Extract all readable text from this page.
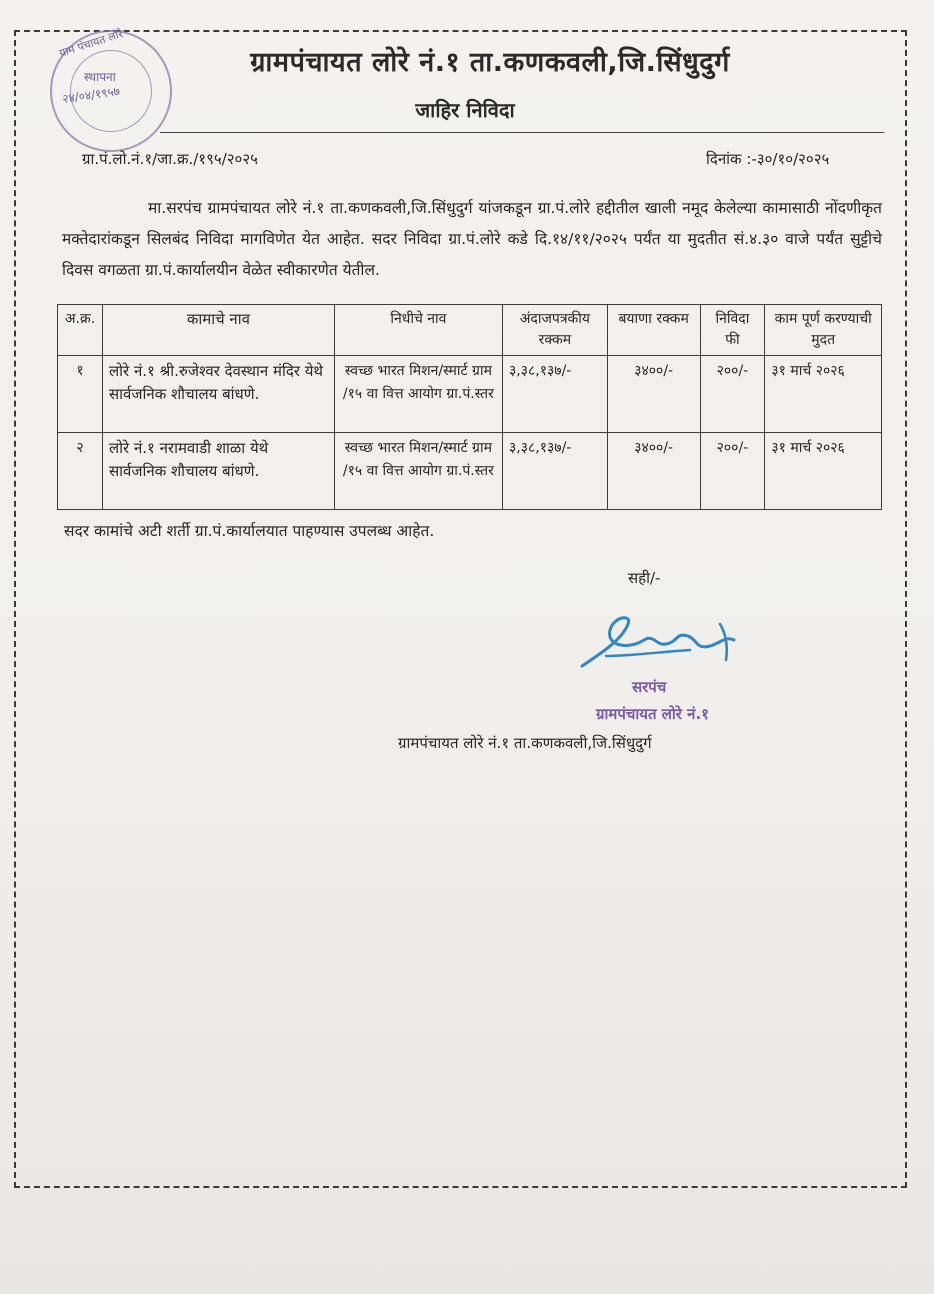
ग्राम पंचायत लोरे
स्थापना
२४/०४/१९५७
ग्रामपंचायत लोरे नं.१ ता.कणकवली,जि.सिंधुदुर्ग
जाहिर निविदा
ग्रा.पं.लो.नं.१/जा.क्र./१९५/२०२५	दिनांक :-३०/१०/२०२५
मा.सरपंच ग्रामपंचायत लोरे नं.१ ता.कणकवली,जि.सिंधुदुर्ग यांजकडून ग्रा.पं.लोरे हद्दीतील खाली नमूद केलेल्या कामासाठी नोंदणीकृत मक्तेदारांकडून सिलबंद निविदा मागविणेत येत आहेत. सदर निविदा ग्रा.पं.लोरे कडे दि.१४/११/२०२५ पर्यंत या मुदतीत सं.४.३० वाजे पर्यंत सुट्टीचे दिवस वगळता ग्रा.पं.कार्यालयीन वेळेत स्वीकारणेत येतील.
अ.क्र.	कामाचे नाव	निधीचे नाव	अंदाजपत्रकीय रक्कम	बयाणा रक्कम	निविदा फी	काम पूर्ण करण्याची मुदत
१	लोरे नं.१ श्री.रुजेश्वर देवस्थान मंदिर येथे सार्वजनिक शौचालय बांधणे.	स्वच्छ भारत मिशन/स्मार्ट ग्राम /१५ वा वित्त आयोग ग्रा.पं.स्तर	३,३८,१३७/-	३४००/-	२००/-	३१ मार्च २०२६
२	लोरे नं.१ नरामवाडी शाळा येथे सार्वजनिक शौचालय बांधणे.	स्वच्छ भारत मिशन/स्मार्ट ग्राम /१५ वा वित्त आयोग ग्रा.पं.स्तर	३,३८,१३७/-	३४००/-	२००/-	३१ मार्च २०२६
सदर कामांचे अटी शर्ती ग्रा.पं.कार्यालयात पाहण्यास उपलब्ध आहेत.
सही/-
सरपंच
ग्रामपंचायत लोरे नं.१
ग्रामपंचायत लोरे नं.१ ता.कणकवली,जि.सिंधुदुर्ग
